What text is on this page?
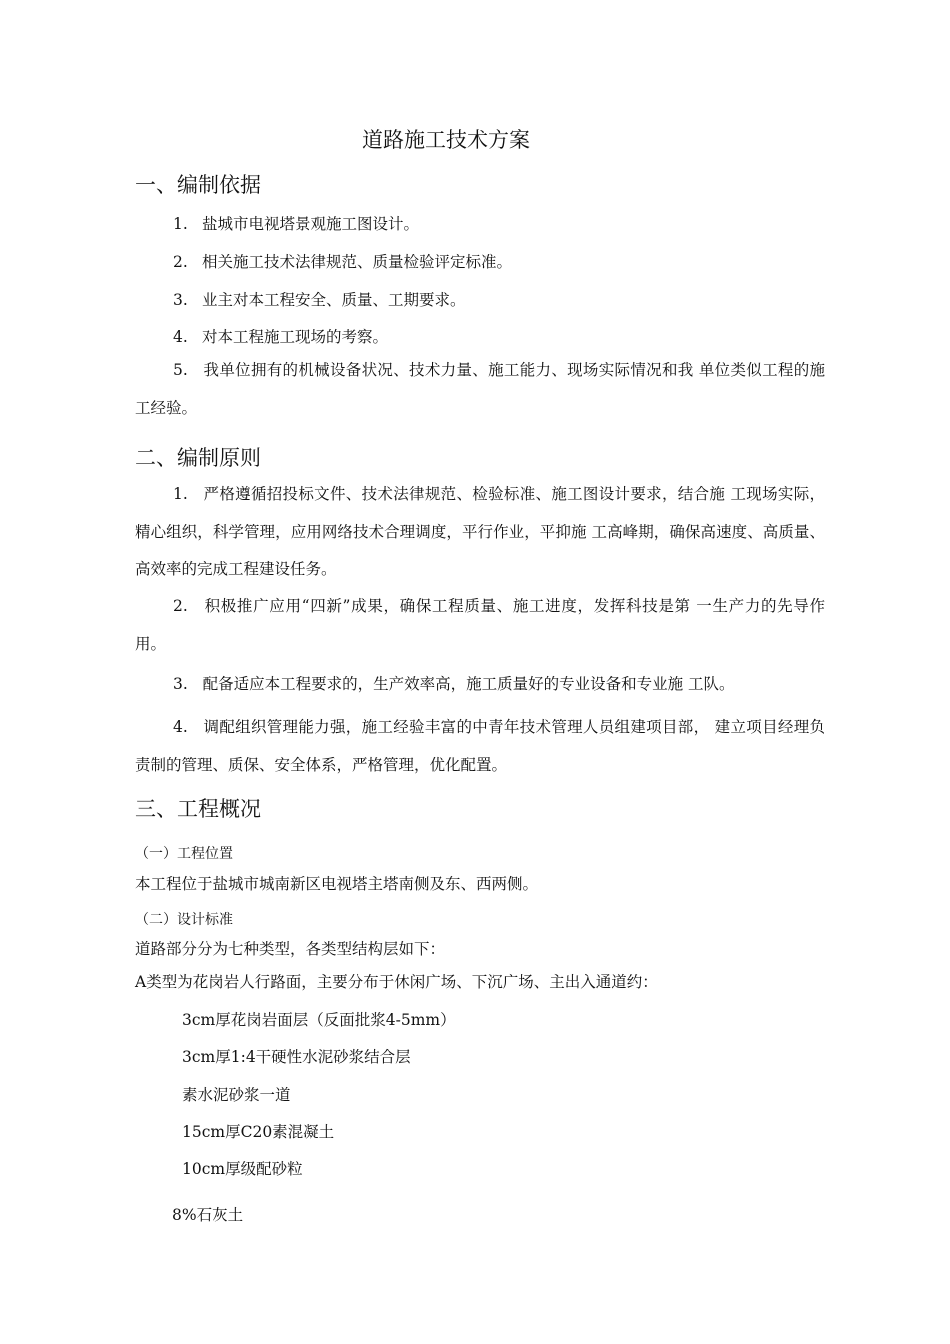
道路施工技术方案
一、编制依据
1. 盐城市电视塔景观施工图设计。
2. 相关施工技术法律规范、质量检验评定标准。
3. 业主对本工程安全、质量、工期要求。
4. 对本工程施工现场的考察。
5. 我单位拥有的机械设备状况、技术力量、施工能力、现场实际情况和我 单位类似工程的施工经验。
二、编制原则
1. 严格遵循招投标文件、技术法律规范、检验标准、施工图设计要求，结合施 工现场实际，精心组织，科学管理，应用网络技术合理调度，平行作业，平抑施 工高峰期，确保高速度、高质量、高效率的完成工程建设任务。
2. 积极推广应用“四新”成果，确保工程质量、施工进度，发挥科技是第 一生产力的先导作用。
3. 配备适应本工程要求的，生产效率高，施工质量好的专业设备和专业施 工队。
4. 调配组织管理能力强，施工经验丰富的中青年技术管理人员组建项目部， 建立项目经理负责制的管理、质保、安全体系，严格管理，优化配置。
三、工程概况
（一）工程位置
本工程位于盐城市城南新区电视塔主塔南侧及东、西两侧。
（二）设计标准
道路部分分为七种类型，各类型结构层如下：
A类型为花岗岩人行路面，主要分布于休闲广场、下沉广场、主出入通道约：
3cm厚花岗岩面层（反面批浆4-5mm）
3cm厚1:4干硬性水泥砂浆结合层
素水泥砂浆一道
15cm厚C20素混凝土
10cm厚级配砂粒
8%石灰土
